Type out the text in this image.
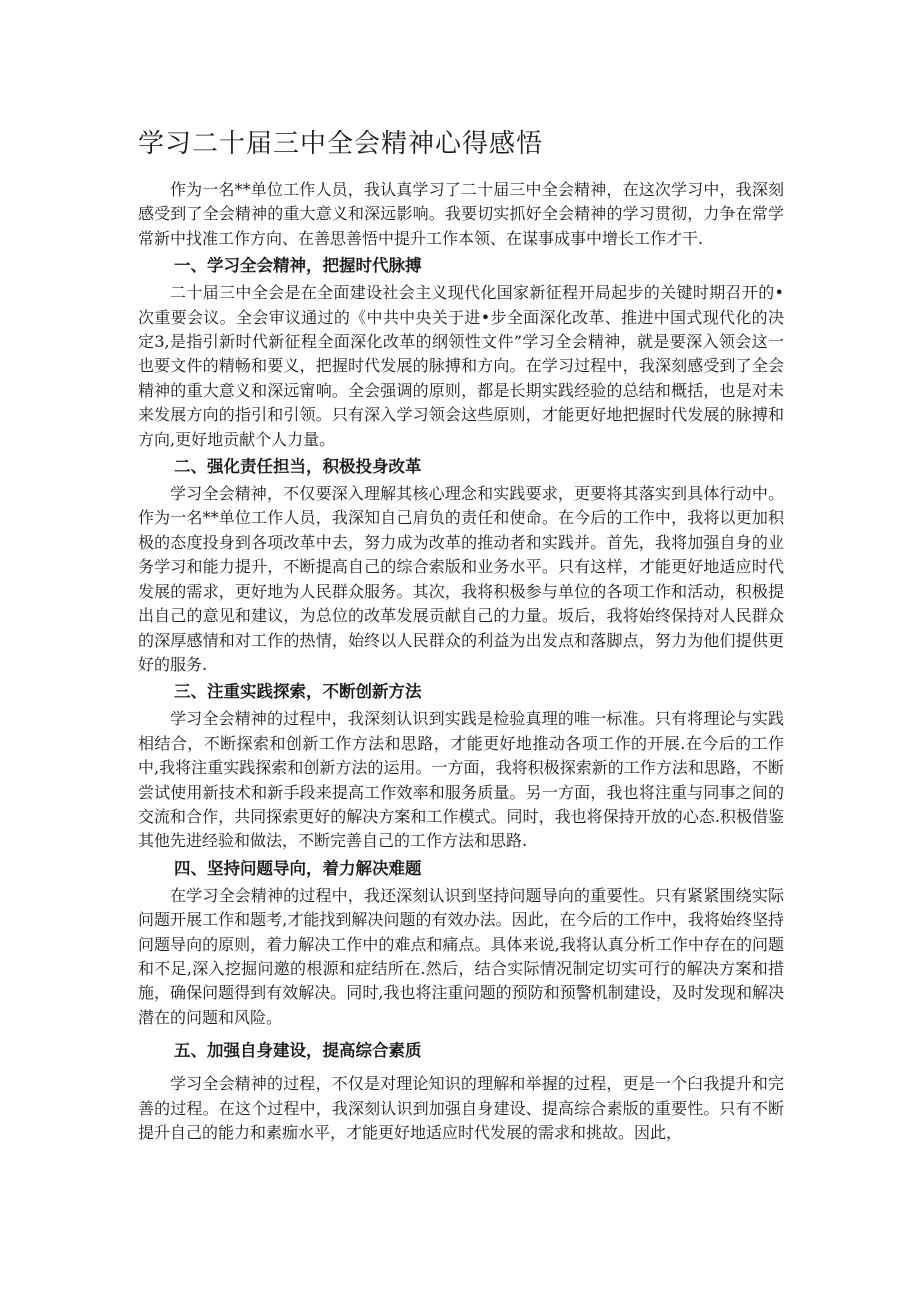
学习二十届三中全会精神心得感悟

作为一名**单位工作人员，我认真学习了二十届三中全会精神，在这次学习中，我深刻感受到了全会精神的重大意义和深远影响。我要切实抓好全会精神的学习贯彻，力争在常学常新中找准工作方向、在善思善悟中提升工作本领、在谋事成事中增长工作才干.

一、学习全会精神，把握时代脉搏

二十届三中全会是在全面建设社会主义现代化国家新征程开局起步的关键时期召开的•次重要会议。全会审议通过的《中共中央关于进•步全面深化改革、推进中国式现代化的决定3,是指引新时代新征程全面深化改革的纲领性文件”学习全会精神，就是要深入领会这一也要文件的精畅和要义，把握时代发展的脉搏和方向。在学习过程中，我深刻感受到了全会精神的重大意义和深远甯响。全会强调的原则，都是长期实践经验的总结和概括，也是对未来发展方向的指引和引领。只有深入学习领会这些原则，才能更好地把握时代发展的脉搏和方向,更好地贡献个人力量。

二、强化责任担当，积极投身改革

学习全会精神，不仅要深入理解其核心理念和实践要求，更要将其落实到具体行动中。作为一名**单位工作人员，我深知自己肩负的责任和使命。在今后的工作中，我将以更加积极的态度投身到各项改革中去，努力成为改革的推动者和实践并。首先，我将加强自身的业务学习和能力提升，不断提高自己的综合索版和业务水平。只有这样，才能更好地适应时代发展的需求，更好地为人民群众服务。其次，我将积极参与单位的各项工作和活动，积极提出自己的意见和建议，为总位的改革发展贡献自己的力量。坂后，我将始终保持对人民群众的深厚感情和对工作的热情，始终以人民群众的利益为出发点和落脚点，努力为他们提供更好的服务.

三、注重实践探索，不断创新方法

学习全会精神的过程中，我深刻认识到实践是检验真理的唯一标准。只有将理论与实践相结合，不断探索和创新工作方法和思路，才能更好地推动各项工作的开展.在今后的工作中,我将注重实践探索和创新方法的运用。一方面，我将积极探索新的工作方法和思路，不断尝试使用新技术和新手段来提高工作效率和服务质量。另一方面，我也将注重与同事之间的交流和合作，共同探索更好的解决方案和工作模式。同时，我也将保持开放的心态.积极借鉴其他先进经验和做法，不断完善自己的工作方法和思路.

四、坚持问题导向，着力解决难题

在学习全会精神的过程中，我还深刻认识到坚持问题导向的重要性。只有紧紧围绕实际问题开展工作和题考,才能找到解决问题的有效办法。因此，在今后的工作中，我将始终坚持问题导向的原则，着力解决工作中的难点和痛点。具体来说,我将认真分析工作中存在的问题和不足,深入挖掘问邀的根源和症结所在.然后，结合实际情况制定切实可行的解决方案和措施，确保问题得到有效解决。同时,我也将注重问题的预防和预警机制建设，及时发现和解决潜在的问题和风险。

五、加强自身建设，提高综合素质

学习全会精神的过程，不仅是对理论知识的理解和举握的过程，更是一个臼我提升和完善的过程。在这个过程中，我深刻认识到加强自身建设、提高综合素版的重要性。只有不断提升自己的能力和素痂水平，才能更好地适应时代发展的需求和挑故。因此，
